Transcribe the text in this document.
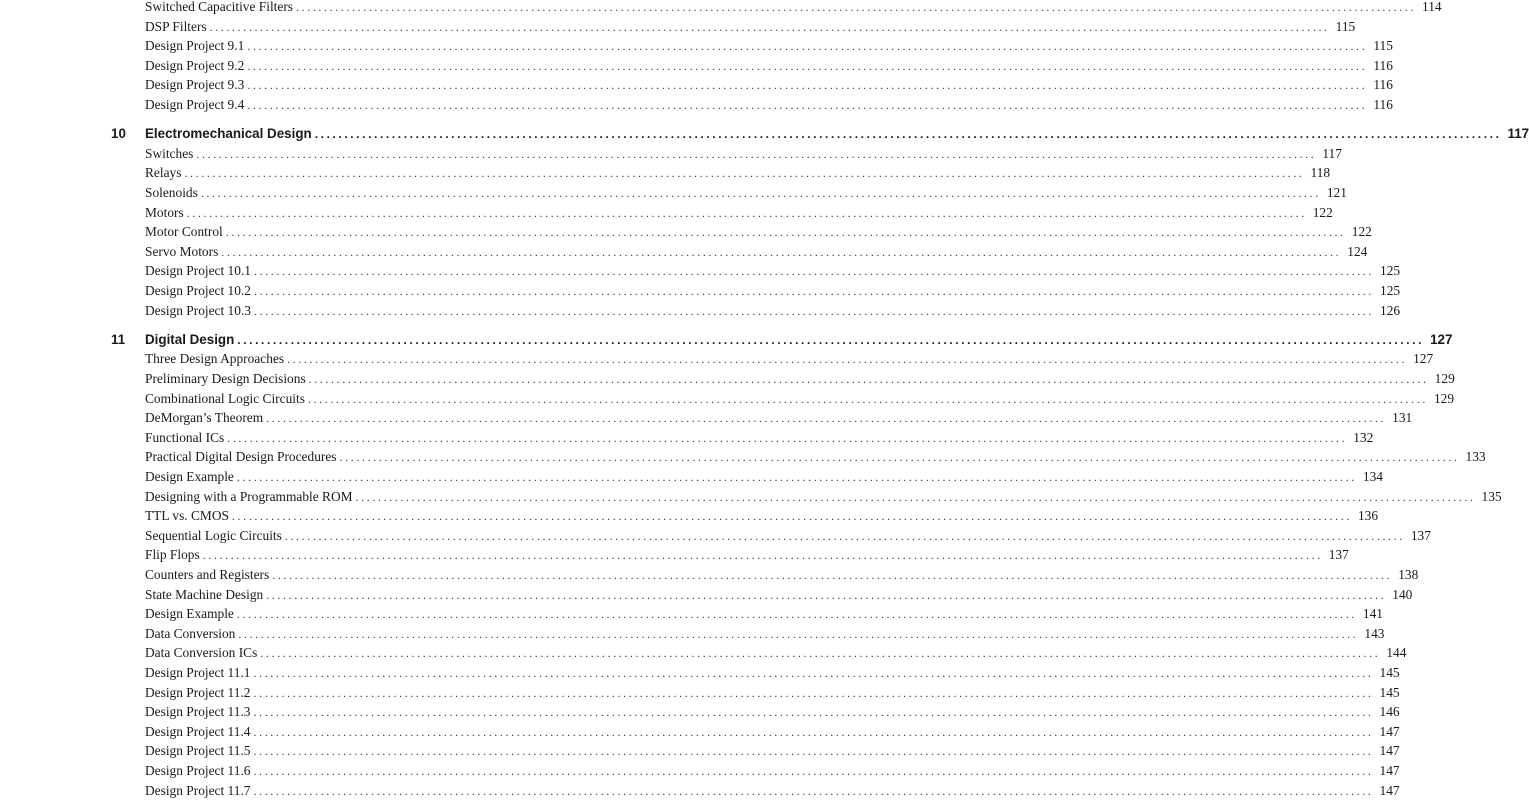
Switched Capacitive Filters ........................................................................................................................................................................................................ 114
DSP Filters ........................................................................................................................................................................................................ 115
Design Project 9.1 ........................................................................................................................................................................................................ 115
Design Project 9.2 ........................................................................................................................................................................................................ 116
Design Project 9.3 ........................................................................................................................................................................................................ 116
Design Project 9.4 ........................................................................................................................................................................................................ 116
10 Electromechanical Design ........................................................................................................................................................................................................ 117
Switches ........................................................................................................................................................................................................ 117
Relays ........................................................................................................................................................................................................ 118
Solenoids ........................................................................................................................................................................................................ 121
Motors ........................................................................................................................................................................................................ 122
Motor Control ........................................................................................................................................................................................................ 122
Servo Motors ........................................................................................................................................................................................................ 124
Design Project 10.1 ........................................................................................................................................................................................................ 125
Design Project 10.2 ........................................................................................................................................................................................................ 125
Design Project 10.3 ........................................................................................................................................................................................................ 126
11 Digital Design ........................................................................................................................................................................................................ 127
Three Design Approaches ........................................................................................................................................................................................................ 127
Preliminary Design Decisions ........................................................................................................................................................................................................ 129
Combinational Logic Circuits ........................................................................................................................................................................................................ 129
DeMorgan’s Theorem ........................................................................................................................................................................................................ 131
Functional ICs ........................................................................................................................................................................................................ 132
Practical Digital Design Procedures ........................................................................................................................................................................................................ 133
Design Example ........................................................................................................................................................................................................ 134
Designing with a Programmable ROM ........................................................................................................................................................................................................ 135
TTL vs. CMOS ........................................................................................................................................................................................................ 136
Sequential Logic Circuits ........................................................................................................................................................................................................ 137
Flip Flops ........................................................................................................................................................................................................ 137
Counters and Registers ........................................................................................................................................................................................................ 138
State Machine Design ........................................................................................................................................................................................................ 140
Design Example ........................................................................................................................................................................................................ 141
Data Conversion ........................................................................................................................................................................................................ 143
Data Conversion ICs ........................................................................................................................................................................................................ 144
Design Project 11.1 ........................................................................................................................................................................................................ 145
Design Project 11.2 ........................................................................................................................................................................................................ 145
Design Project 11.3 ........................................................................................................................................................................................................ 146
Design Project 11.4 ........................................................................................................................................................................................................ 147
Design Project 11.5 ........................................................................................................................................................................................................ 147
Design Project 11.6 ........................................................................................................................................................................................................ 147
Design Project 11.7 ........................................................................................................................................................................................................ 147
